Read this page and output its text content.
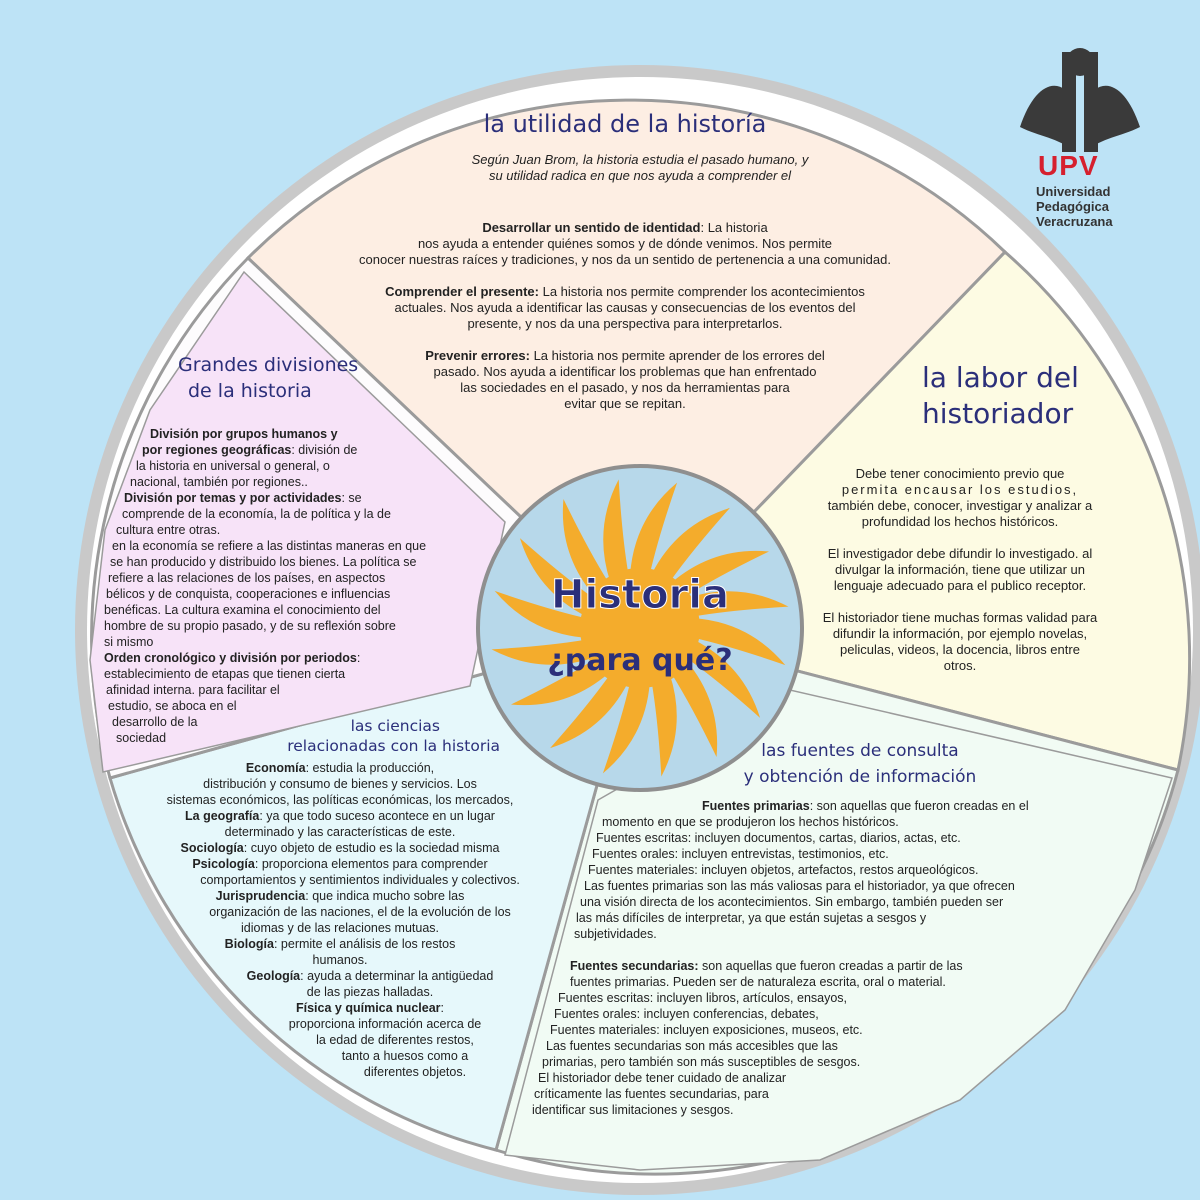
Historia
¿para qué?
UPV
Universidad
Pedagógica
Veracruzana
la utilidad de la historía
Según Juan Brom, la historia estudia el pasado humano, y
su utilidad radica en que nos ayuda a comprender el
Desarrollar un sentido de identidad: La historia
nos ayuda a entender quiénes somos y de dónde venimos. Nos permite
conocer nuestras raíces y tradiciones, y nos da un sentido de pertenencia a una comunidad.
Comprender el presente: La historia nos permite comprender los acontecimientos
actuales. Nos ayuda a identificar las causas y consecuencias de los eventos del
presente, y nos da una perspectiva para interpretarlos.
Prevenir errores: La historia nos permite aprender de los errores del
pasado. Nos ayuda a identificar los problemas que han enfrentado
las sociedades en el pasado, y nos da herramientas para
evitar que se repitan.
la labor del
historiador
Debe tener conocimiento previo que
permita encausar los estudios,
también debe, conocer, investigar y analizar a
profundidad los hechos históricos.
El investigador debe difundir lo investigado. al
divulgar la información, tiene que utilizar un
lenguaje adecuado para el publico receptor.
El historiador tiene muchas formas validad para
difundir la información, por ejemplo novelas,
peliculas, videos, la docencia, libros entre
otros.
Grandes divisiones
de la historia
División por grupos humanos y
por regiones geográficas: división de
la historia en universal o general, o
nacional, también por regiones..
División por temas y por actividades: se
comprende de la economía, la de política y la de
cultura entre otras.
en la economía se refiere a las distintas maneras en que
se han producido y distribuido los bienes. La política se
refiere a las relaciones de los países, en aspectos
bélicos y de conquista, cooperaciones e influencias
benéficas. La cultura examina el conocimiento del
hombre de su propio pasado, y de su reflexión sobre
si mismo
Orden cronológico y división por periodos:
establecimiento de etapas que tienen cierta
afinidad interna. para facilitar el
estudio, se aboca en el
desarrollo de la
sociedad
las ciencias
relacionadas con la historia
Economía: estudia la producción,
distribución y consumo de bienes y servicios. Los
sistemas económicos, las políticas económicas, los mercados,
La geografía: ya que todo suceso acontece en un lugar
determinado y las características de este.
Sociología: cuyo objeto de estudio es la sociedad misma
Psicología: proporciona elementos para comprender
comportamientos y sentimientos individuales y colectivos.
Jurisprudencia: que indica mucho sobre las
organización de las naciones, el de la evolución de los
idiomas y de las relaciones mutuas.
Biología: permite el análisis de los restos
humanos.
Geología: ayuda a determinar la antigüedad
de las piezas halladas.
Física y química nuclear:
proporciona información acerca de
la edad de diferentes restos,
tanto a huesos como a
diferentes objetos.
las fuentes de consulta
y obtención de información
Fuentes primarias: son aquellas que fueron creadas en el
momento en que se produjeron los hechos históricos.
Fuentes escritas: incluyen documentos, cartas, diarios, actas, etc.
Fuentes orales: incluyen entrevistas, testimonios, etc.
Fuentes materiales: incluyen objetos, artefactos, restos arqueológicos.
Las fuentes primarias son las más valiosas para el historiador, ya que ofrecen
una visión directa de los acontecimientos. Sin embargo, también pueden ser
las más difíciles de interpretar, ya que están sujetas a sesgos y
subjetividades.
Fuentes secundarias: son aquellas que fueron creadas a partir de las
fuentes primarias. Pueden ser de naturaleza escrita, oral o material.
Fuentes escritas: incluyen libros, artículos, ensayos,
Fuentes orales: incluyen conferencias, debates,
Fuentes materiales: incluyen exposiciones, museos, etc.
Las fuentes secundarias son más accesibles que las
primarias, pero también son más susceptibles de sesgos.
El historiador debe tener cuidado de analizar
críticamente las fuentes secundarias, para
identificar sus limitaciones y sesgos.
